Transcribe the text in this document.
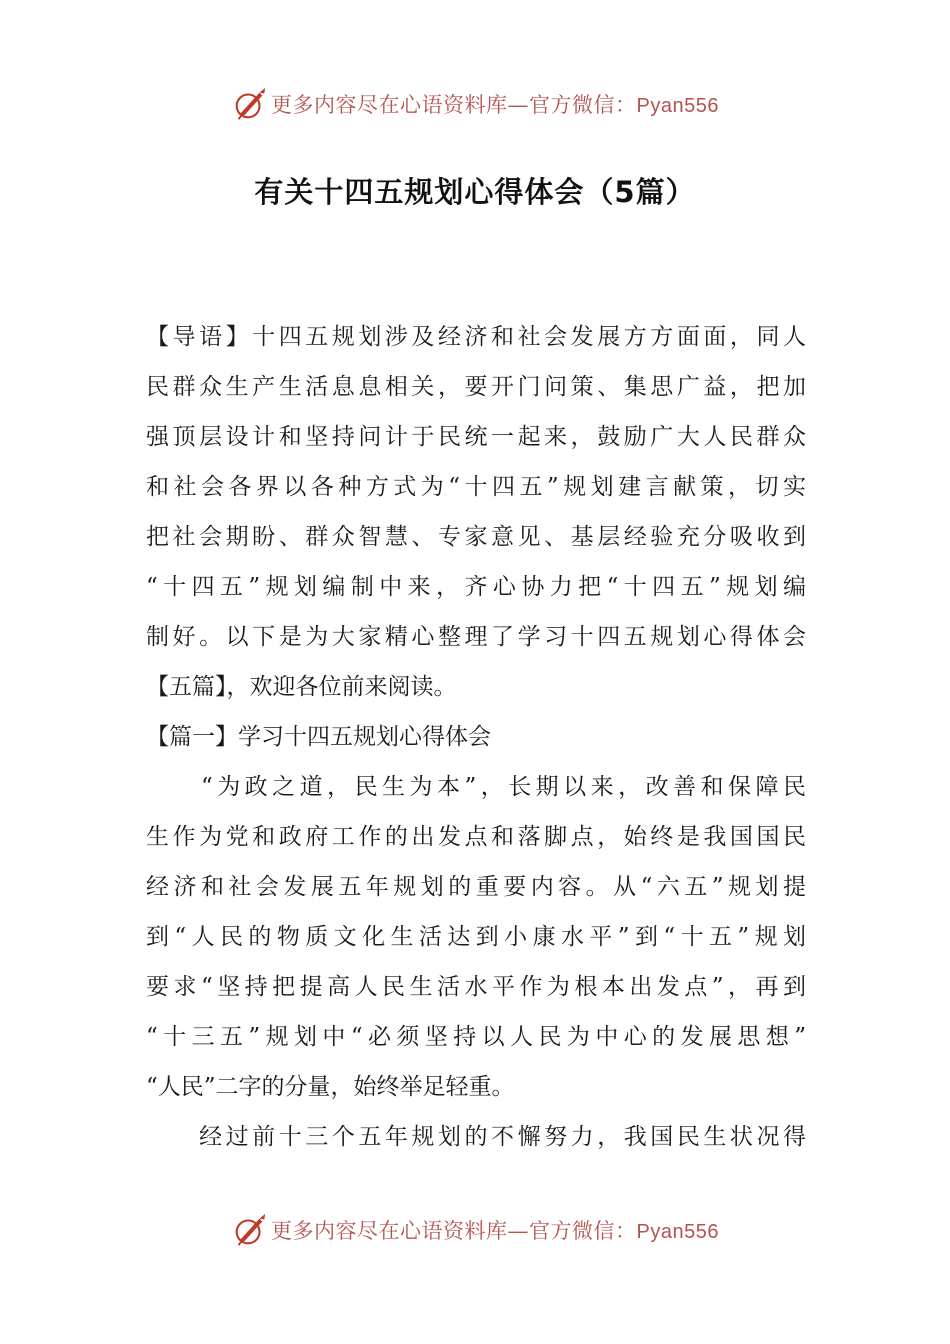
更多内容尽在心语资料库—官方微信：Pyan556
有关十四五规划心得体会（5篇）
【导语】十四五规划涉及经济和社会发展方方面面，同人
民群众生产生活息息相关，要开门问策、集思广益，把加
强顶层设计和坚持问计于民统一起来，鼓励广大人民群众
和社会各界以各种方式为“十四五”规划建言献策，切实
把社会期盼、群众智慧、专家意见、基层经验充分吸收到
“十四五”规划编制中来，齐心协力把“十四五”规划编
制好。以下是为大家精心整理了学习十四五规划心得体会
【五篇】，欢迎各位前来阅读。
【篇一】学习十四五规划心得体会
　　“为政之道，民生为本”，长期以来，改善和保障民
生作为党和政府工作的出发点和落脚点，始终是我国国民
经济和社会发展五年规划的重要内容。从“六五”规划提
到“人民的物质文化生活达到小康水平”到“十五”规划
要求“坚持把提高人民生活水平作为根本出发点”，再到
“十三五”规划中“必须坚持以人民为中心的发展思想”
“人民”二字的分量，始终举足轻重。
　　经过前十三个五年规划的不懈努力，我国民生状况得
更多内容尽在心语资料库—官方微信：Pyan556
